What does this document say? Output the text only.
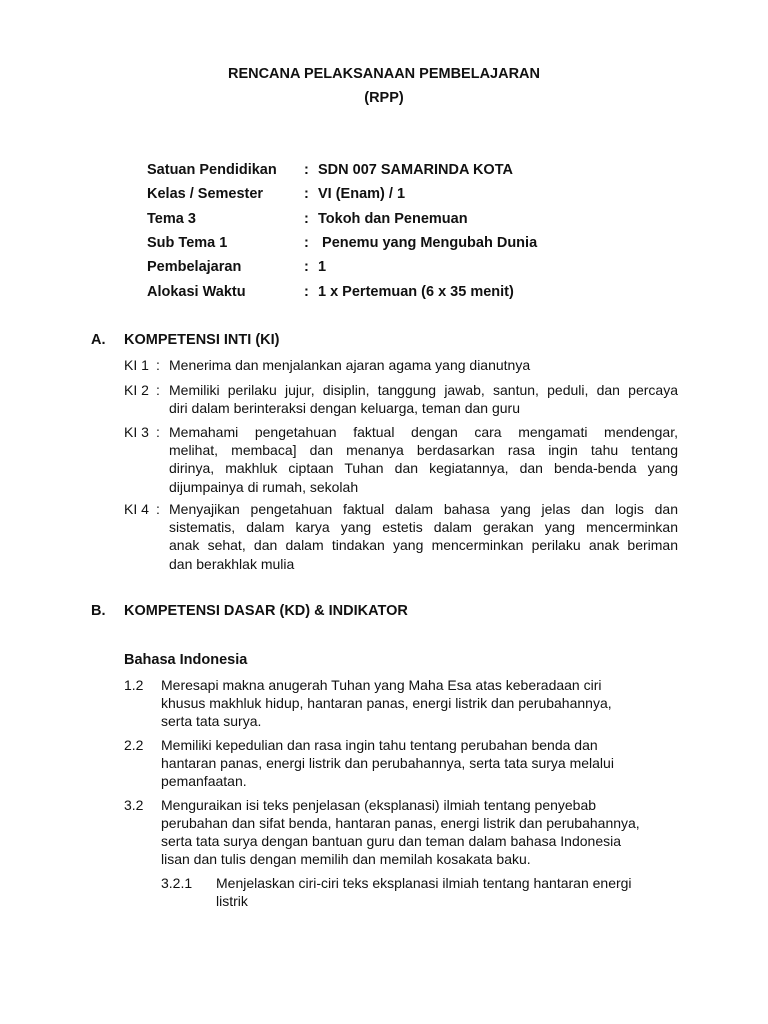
RENCANA PELAKSANAAN PEMBELAJARAN
(RPP)
Satuan Pendidikan : SDN 007 SAMARINDA KOTA
Kelas / Semester	: VI (Enam) / 1
Tema 3	: Tokoh dan Penemuan
Sub Tema 1	: Penemu yang Mengubah Dunia
Pembelajaran	: 1
Alokasi Waktu	: 1 x Pertemuan (6 x 35 menit)
A. KOMPETENSI INTI (KI)
KI 1 : Menerima dan menjalankan ajaran agama yang dianutnya
KI 2 : Memiliki perilaku jujur, disiplin, tanggung jawab, santun, peduli, dan percaya
diri dalam berinteraksi dengan keluarga, teman dan guru
KI 3 : Memahami pengetahuan faktual dengan cara mengamati mendengar,
melihat, membaca] dan menanya berdasarkan rasa ingin tahu tentang
dirinya, makhluk ciptaan Tuhan dan kegiatannya, dan benda-benda yang
dijumpainya di rumah, sekolah
KI 4 : Menyajikan pengetahuan faktual dalam bahasa yang jelas dan logis dan
sistematis, dalam karya yang estetis dalam gerakan yang mencerminkan
anak sehat, dan dalam tindakan yang mencerminkan perilaku anak beriman
dan berakhlak mulia
B. KOMPETENSI DASAR (KD) & INDIKATOR
Bahasa Indonesia
1.2 Meresapi makna anugerah Tuhan yang Maha Esa atas keberadaan ciri
khusus makhluk hidup, hantaran panas, energi listrik dan perubahannya,
serta tata surya.
2.2 Memiliki kepedulian dan rasa ingin tahu tentang perubahan benda dan
hantaran panas, energi listrik dan perubahannya, serta tata surya melalui
pemanfaatan.
3.2 Menguraikan isi teks penjelasan (eksplanasi) ilmiah tentang penyebab
perubahan dan sifat benda, hantaran panas, energi listrik dan perubahannya,
serta tata surya dengan bantuan guru dan teman dalam bahasa Indonesia
lisan dan tulis dengan memilih dan memilah kosakata baku.
3.2.1 Menjelaskan ciri-ciri teks eksplanasi ilmiah tentang hantaran energi
listrik
